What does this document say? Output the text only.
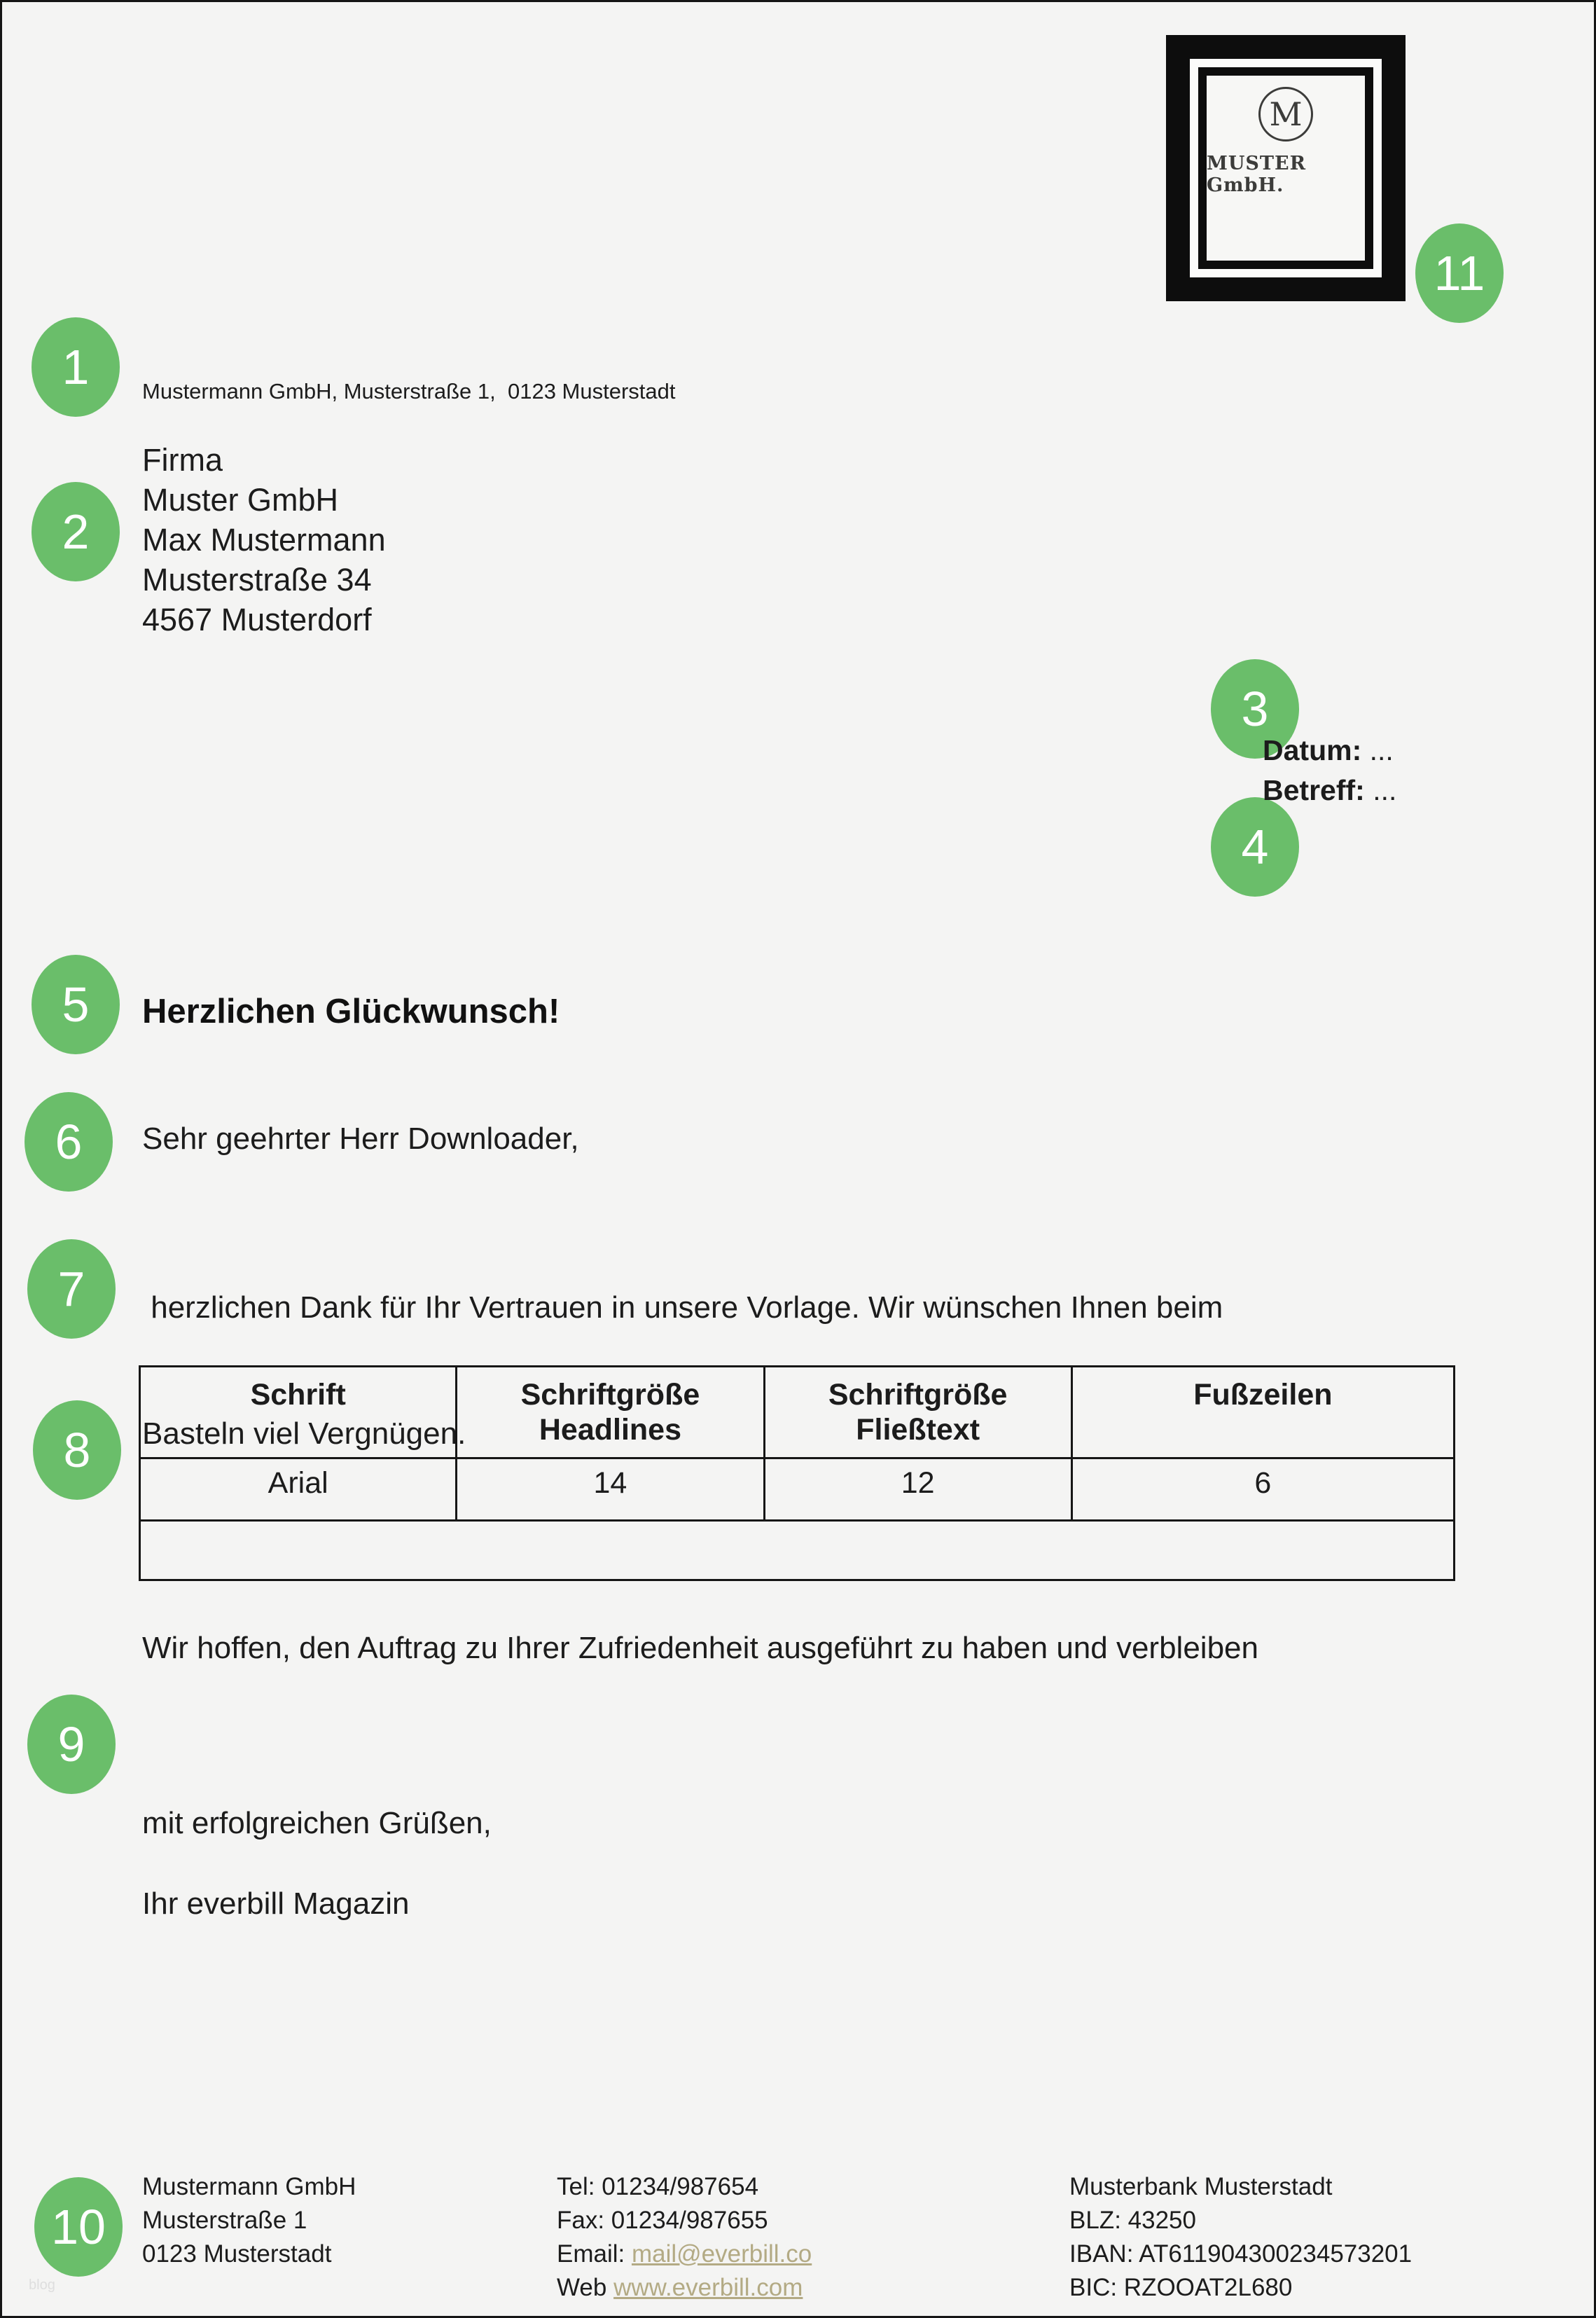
M
MUSTER GmbH.
1
2
3
4
5
6
7
8
9
10
11
Mustermann GmbH, Musterstraße 1,  0123 Musterstadt
Firma
Muster GmbH
Max Mustermann
Musterstraße 34
4567 Musterdorf
Datum: ...
Betreff: ...
Herzlichen Glückwunsch!
Sehr geehrter Herr Downloader,

herzlichen Dank für Ihr Vertrauen in unsere Vorlage. Wir wünschen Ihnen beim

Basteln viel Vergnügen.

Schrift	Schriftgröße Headlines	Schriftgröße Fließtext	Fußzeilen
Arial	14	12	6

Wir hoffen, den Auftrag zu Ihrer Zufriedenheit ausgeführt zu haben und verbleiben
mit erfolgreichen Grüßen,
Ihr everbill Magazin
Mustermann GmbH
Musterstraße 1
0123 Musterstadt
Tel: 01234/987654
Fax: 01234/987655
Email: mail@everbill.co
Web www.everbill.com
Musterbank Musterstadt
BLZ: 43250
IBAN: AT611904300234573201
BIC: RZOOAT2L680
blog
